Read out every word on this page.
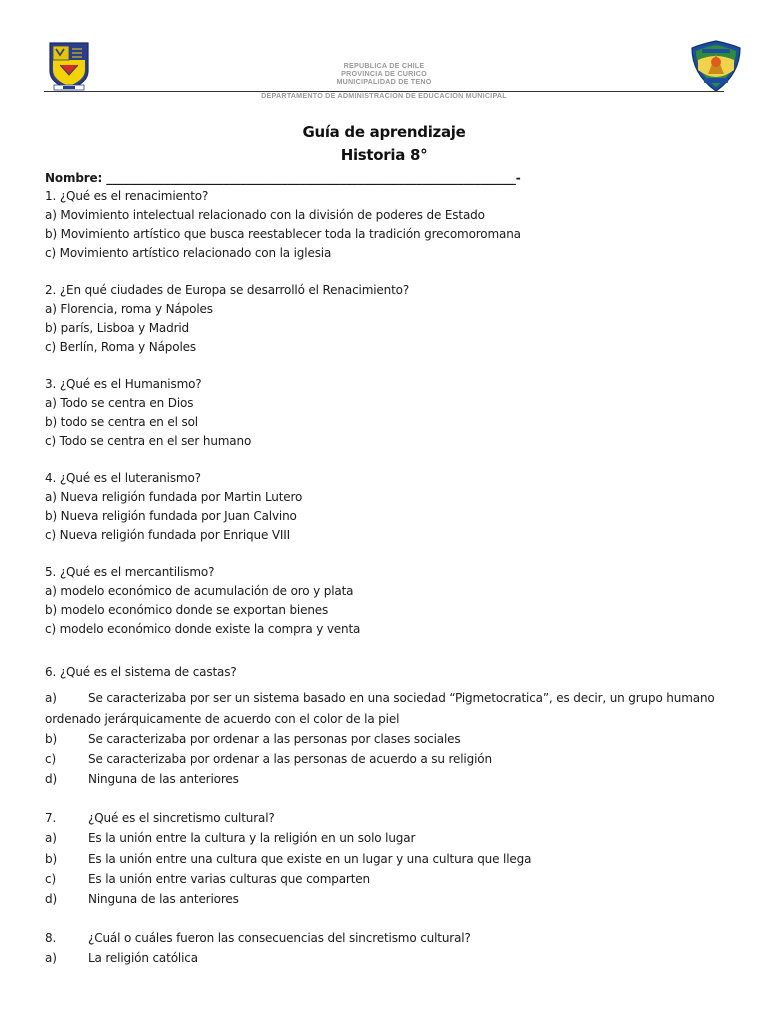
REPUBLICA DE CHILE
PROVINCIA DE CURICO
MUNICIPALIDAD DE TENO
DEPARTAMENTO DE ADMINISTRACION DE EDUCACION MUNICIPAL
Guía de aprendizaje
Historia 8°
Nombre: ______________________________________________________________________-
1. ¿Qué es el renacimiento?
a) Movimiento intelectual relacionado con la división de poderes de Estado
b) Movimiento artístico que busca reestablecer toda la tradición grecomoromana
c) Movimiento artístico relacionado con la iglesia
2. ¿En qué ciudades de Europa se desarrolló el Renacimiento?
a) Florencia, roma y Nápoles
b) parís, Lisboa y Madrid
c) Berlín, Roma y Nápoles
3. ¿Qué es el Humanismo?
a) Todo se centra en Dios
b) todo se centra en el sol
c) Todo se centra en el ser humano
4. ¿Qué es el luteranismo?
a) Nueva religión fundada por Martin Lutero
b) Nueva religión fundada por Juan Calvino
c) Nueva religión fundada por Enrique VIII
5. ¿Qué es el mercantilismo?
a) modelo económico de acumulación de oro y plata
b) modelo económico donde se exportan bienes
c) modelo económico donde existe la compra y venta
6. ¿Qué es el sistema de castas?
a)	Se caracterizaba por ser un sistema basado en una sociedad “Pigmetocratica”, es decir, un grupo humano
ordenado jerárquicamente de acuerdo con el color de la piel
b)	Se caracterizaba por ordenar a las personas por clases sociales
c)	Se caracterizaba por ordenar a las personas de acuerdo a su religión
d)	Ninguna de las anteriores
7.	¿Qué es el sincretismo cultural?
a)	Es la unión entre la cultura y la religión en un solo lugar
b)	Es la unión entre una cultura que existe en un lugar y una cultura que llega
c)	Es la unión entre varias culturas que comparten
d)	Ninguna de las anteriores
8.	¿Cuál o cuáles fueron las consecuencias del sincretismo cultural?
a)	La religión católica
